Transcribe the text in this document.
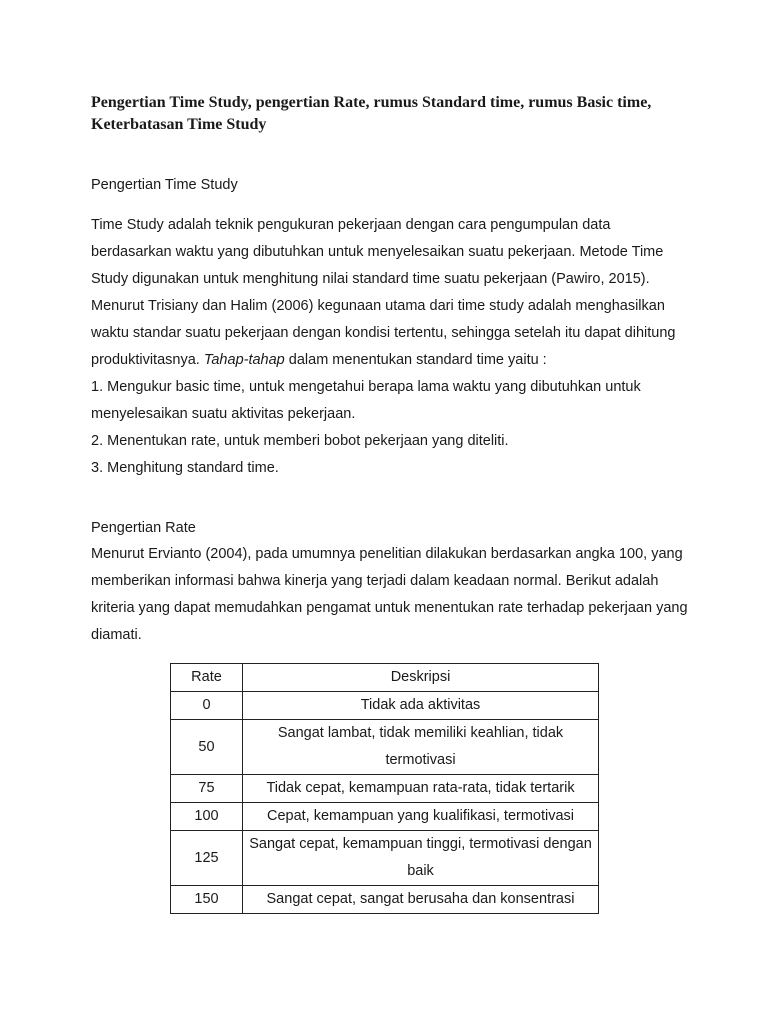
Pengertian Time Study, pengertian Rate, rumus Standard time, rumus Basic time, Keterbatasan Time Study
Pengertian Time Study

Time Study adalah teknik pengukuran pekerjaan dengan cara pengumpulan data berdasarkan waktu yang dibutuhkan untuk menyelesaikan suatu pekerjaan. Metode Time Study digunakan untuk menghitung nilai standard time suatu pekerjaan (Pawiro, 2015). Menurut Trisiany dan Halim (2006) kegunaan utama dari time study adalah menghasilkan waktu standar suatu pekerjaan dengan kondisi tertentu, sehingga setelah itu dapat dihitung produktivitasnya. Tahap-tahap dalam menentukan standard time yaitu :
1. Mengukur basic time, untuk mengetahui berapa lama waktu yang dibutuhkan untuk menyelesaikan suatu aktivitas pekerjaan.
2. Menentukan rate, untuk memberi bobot pekerjaan yang diteliti.
3. Menghitung standard time.

Pengertian Rate

Menurut Ervianto (2004), pada umumnya penelitian dilakukan berdasarkan angka 100, yang memberikan informasi bahwa kinerja yang terjadi dalam keadaan normal. Berikut adalah kriteria yang dapat memudahkan pengamat untuk menentukan rate terhadap pekerjaan yang diamati.

Rate	Deskripsi
0	Tidak ada aktivitas
50	Sangat lambat, tidak memiliki keahlian, tidak termotivasi
75	Tidak cepat, kemampuan rata-rata, tidak tertarik
100	Cepat, kemampuan yang kualifikasi, termotivasi
125	Sangat cepat, kemampuan tinggi, termotivasi dengan baik
150	Sangat cepat, sangat berusaha dan konsentrasi
